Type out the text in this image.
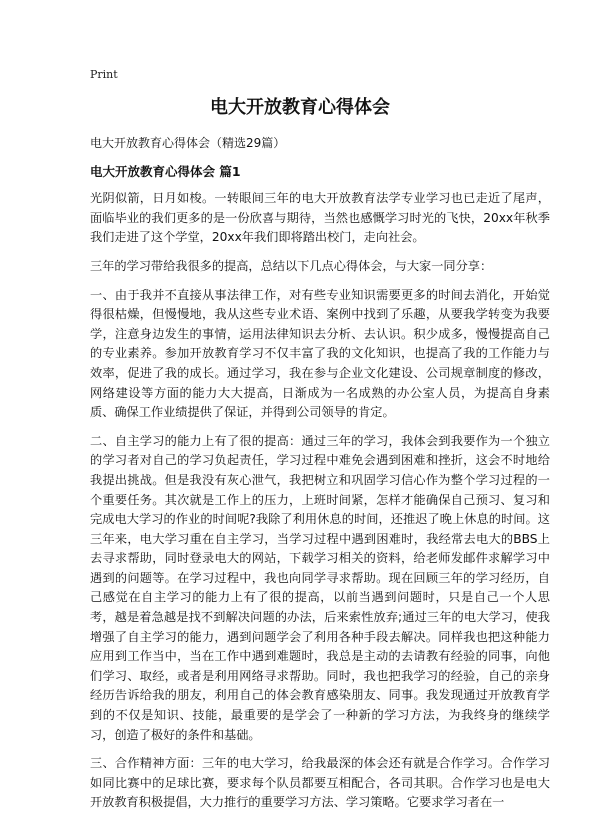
Print

电大开放教育心得体会

电大开放教育心得体会（精选29篇）

电大开放教育心得体会 篇1

光阴似箭，日月如梭。一转眼间三年的电大开放教育法学专业学习也已走近了尾声，面临毕业的我们更多的是一份欣喜与期待，当然也感慨学习时光的飞快，20xx年秋季我们走进了这个学堂，20xx年我们即将踏出校门，走向社会。

三年的学习带给我很多的提高，总结以下几点心得体会，与大家一同分享：

一、由于我并不直接从事法律工作，对有些专业知识需要更多的时间去消化，开始觉得很枯燥，但慢慢地，我从这些专业术语、案例中找到了乐趣，从要我学转变为我要学，注意身边发生的事情，运用法律知识去分析、去认识。积少成多，慢慢提高自己的专业素养。参加开放教育学习不仅丰富了我的文化知识，也提高了我的工作能力与效率，促进了我的成长。通过学习，我在参与企业文化建设、公司规章制度的修改，网络建设等方面的能力大大提高，日渐成为一名成熟的办公室人员，为提高自身素质、确保工作业绩提供了保证，并得到公司领导的肯定。

二、自主学习的能力上有了很的提高：通过三年的学习，我体会到我要作为一个独立的学习者对自己的学习负起责任，学习过程中难免会遇到困难和挫折，这会不时地给我提出挑战。但是我没有灰心泄气，我把树立和巩固学习信心作为整个学习过程的一个重要任务。其次就是工作上的压力，上班时间紧，怎样才能确保自己预习、复习和完成电大学习的作业的时间呢?我除了利用休息的时间，还推迟了晚上休息的时间。这三年来，电大学习重在自主学习，当学习过程中遇到困难时，我经常去电大的BBS上去寻求帮助，同时登录电大的网站，下载学习相关的资料，给老师发邮件求解学习中遇到的问题等。在学习过程中，我也向同学寻求帮助。现在回顾三年的学习经历，自己感觉在自主学习的能力上有了很的提高，以前当遇到问题时，只是自己一个人思考，越是着急越是找不到解决问题的办法，后来索性放弃;通过三年的电大学习，使我增强了自主学习的能力，遇到问题学会了利用各种手段去解决。同样我也把这种能力应用到工作当中，当在工作中遇到难题时，我总是主动的去请教有经验的同事，向他们学习、取经，或者是利用网络寻求帮助。同时，我也把我学习的经验，自己的亲身经历告诉给我的朋友，利用自己的体会教育感染朋友、同事。我发现通过开放教育学到的不仅是知识、技能，最重要的是学会了一种新的学习方法，为我终身的继续学习，创造了极好的条件和基础。

三、合作精神方面：三年的电大学习，给我最深的体会还有就是合作学习。合作学习如同比赛中的足球比赛，要求每个队员都要互相配合，各司其职。合作学习也是电大开放教育积极提倡，大力推行的重要学习方法、学习策略。它要求学习者在一
